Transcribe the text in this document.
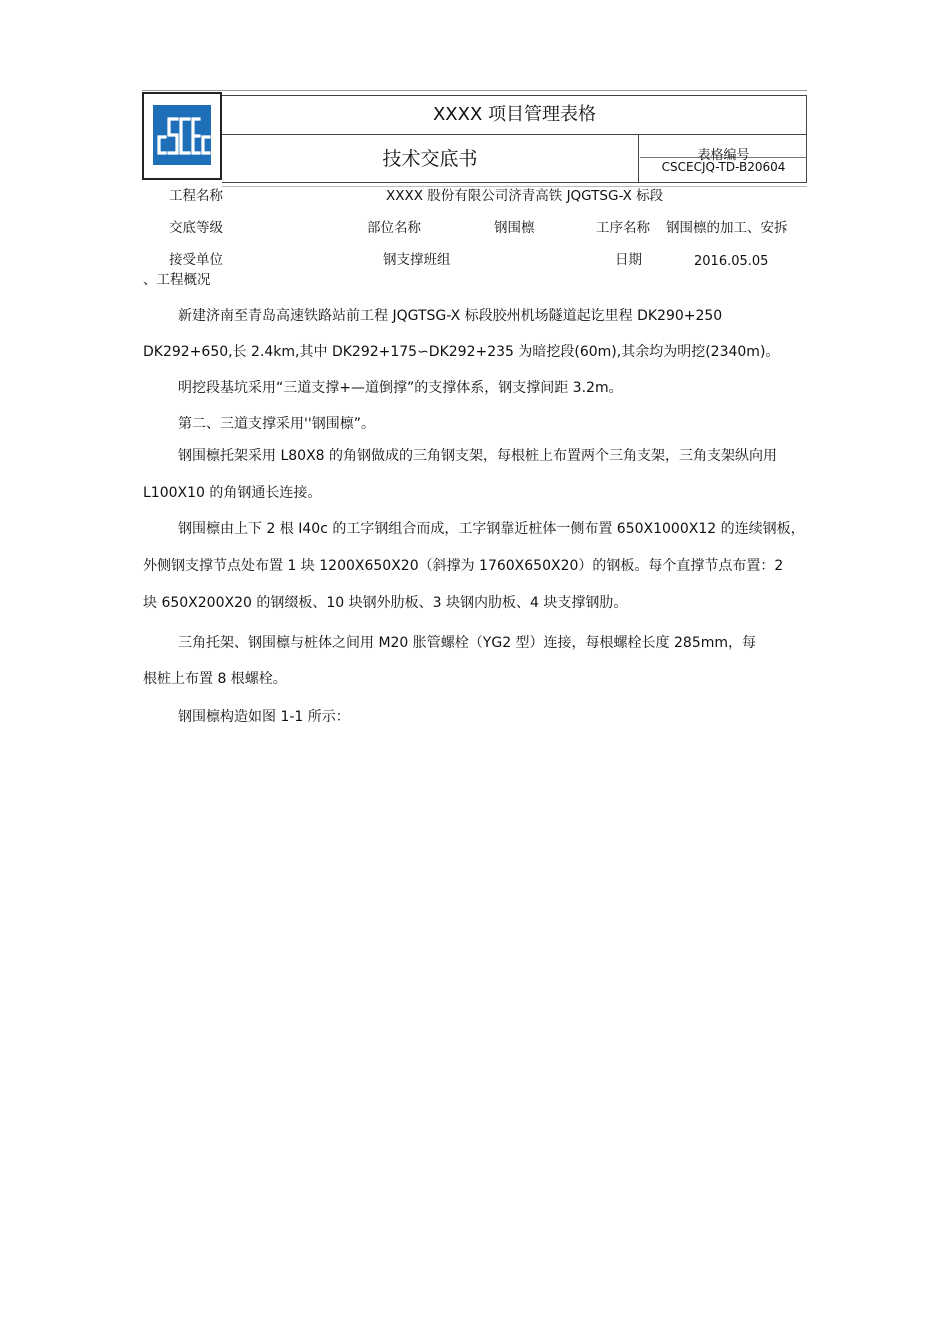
XXXX 项目管理表格
技术交底书	表格编号
CSCECJQ-TD-B20604
工程名称	XXXX 股份有限公司济青高铁 JQGTSG-X 标段
交底等级	部位名称	钢围檩	工序名称 钢围檩的加工、安拆
接受单位	钢支撑班组	日期	2016.05.05
、工程概况
新建济南至青岛高速铁路站前工程 JQGTSG-X 标段胶州机场隧道起讫里程 DK290+250
DK292+650,长 2.4km,其中 DK292+175∽DK292+235 为暗挖段(60m),其余均为明挖(2340m)。
明挖段基坑采用“三道支撑+—道倒撑”的支撑体系，钢支撑间距 3.2m。
第二、三道支撑采用''钢围檩”。
钢围檩托架采用 L80X8 的角钢做成的三角钢支架，每根桩上布置两个三角支架，三角支架纵向用
L100X10 的角钢通长连接。
钢围檩由上下 2 根 I40c 的工字钢组合而成，工字钢靠近桩体一侧布置 650X1000X12 的连续钢板，
外侧钢支撑节点处布置 1 块 1200X650X20（斜撑为 1760X650X20）的钢板。每个直撑节点布置：2
块 650X200X20 的钢缀板、10 块钢外肋板、3 块钢内肋板、4 块支撑钢肋。
三角托架、钢围檩与桩体之间用 M20 胀管螺栓（YG2 型）连接，每根螺栓长度 285mm，每
根桩上布置 8 根螺栓。
钢围檩构造如图 1-1 所示：
